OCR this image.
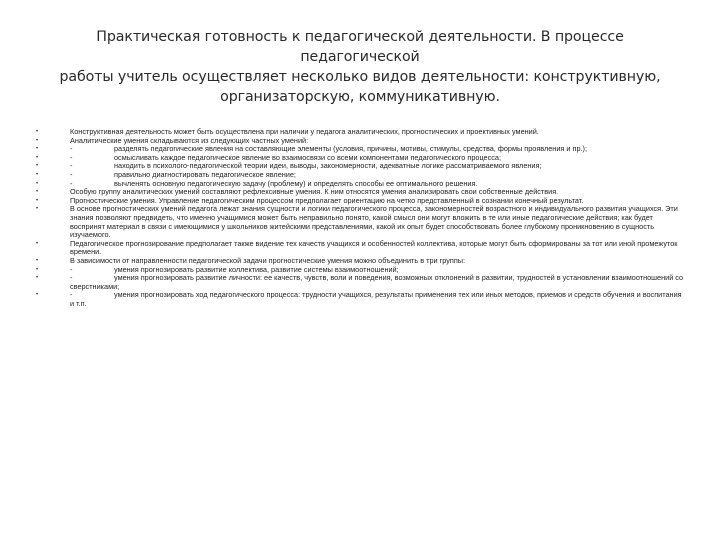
Практическая готовность к педагогической деятельности. В процессе педагогической
работы учитель осуществляет несколько видов деятельности: конструктивную,
организаторскую, коммуникативную.
•	Конструктивная деятельность может быть осуществлена при наличии у педагога аналитических, прогностических и проективных умений.
•	Аналитические умения складываются из следующих частных умений:
•	-	разделять педагогические явления на составляющие элементы (условия, причины, мотивы, стимулы, средства, формы проявления и пр.);
•	-	осмысливать каждое педагогическое явление во взаимосвязи со всеми компонентами педагогического процесса;
•	-	находить в психолого-педагогической теории идеи, выводы, закономерности, адекватные логике рассматриваемого явления;
•	-	правильно диагностировать педагогическое явление;
•	-	вычленять основную педагогическую задачу (проблему) и определять способы ее оптимального решения.
•	Особую группу аналитических умений составляют рефлексивные умения. К ним относятся умения анализировать свои собственные действия.
•	Прогностические умения. Управление педагогическим процессом предполагает ориентацию на четко представленный в сознании конечный результат.
•	В основе прогностических умений педагога лежат знания сущности и логики педагогического процесса, закономерностей возрастного и индивидуального развития учащихся. Эти знания позволяют предвидеть, что именно учащимися может быть неправильно понято, какой смысл они могут вложить в те или иные педагогические действия; как будет воспринят материал в связи с имеющимися у школьников житейскими представлениями, какой их опыт будет способствовать более глубокому проникновению в сущность изучаемого.
•	Педагогическое прогнозирование предполагает также видение тех качеств учащихся и особенностей коллектива, которые могут быть сформированы за тот или иной промежуток времени.
•	В зависимости от направленности педагогической задачи прогностические умения можно объединить в три группы:
•	-	умения прогнозировать развитие коллектива, развитие системы взаимоотношений;
•	-	умения прогнозировать развитие личности: ее качеств, чувств, воли и поведения, возможных отклонений в развитии, трудностей в установлении взаимоотношений со сверстниками;
•	-	умения прогнозировать ход педагогического процесса: трудности учащихся, результаты применения тех или иных методов, приемов и средств обучения и воспитания и т.п.
